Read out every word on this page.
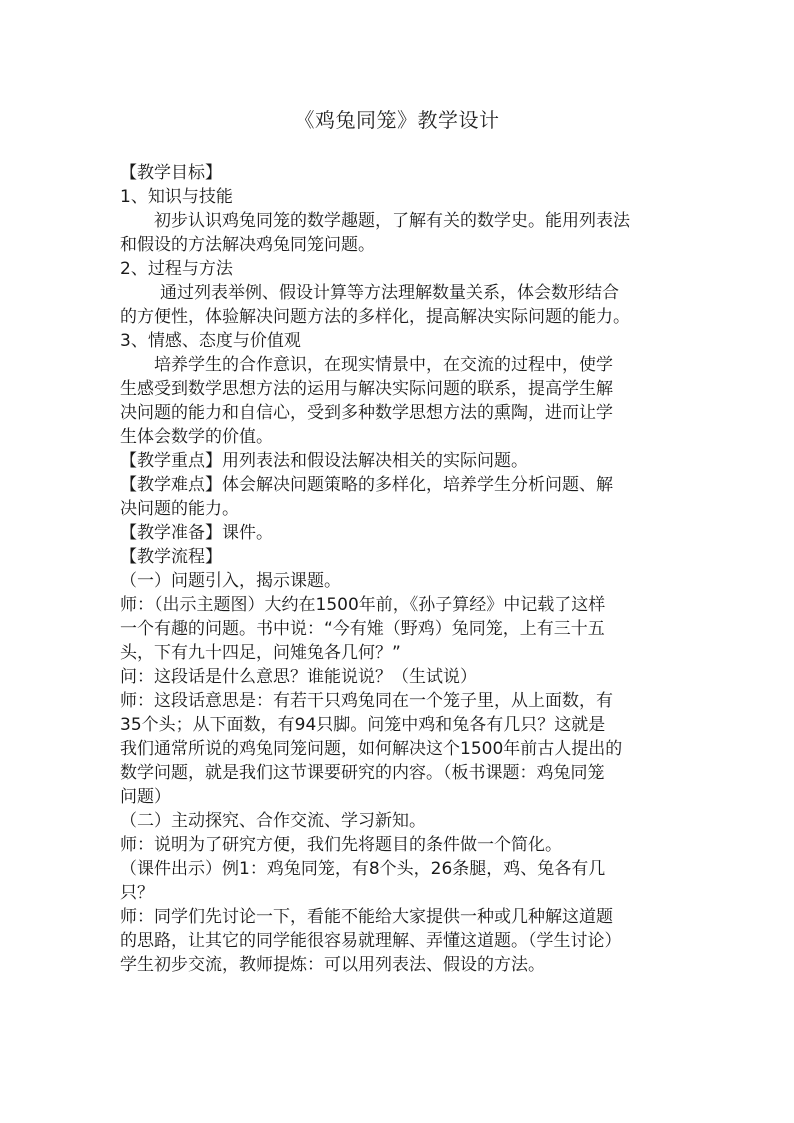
《鸡兔同笼》教学设计
【教学目标】
1、知识与技能
初步认识鸡兔同笼的数学趣题，了解有关的数学史。能用列表法
和假设的方法解决鸡兔同笼问题。
2、过程与方法
通过列表举例、假设计算等方法理解数量关系，体会数形结合
的方便性，体验解决问题方法的多样化，提高解决实际问题的能力。
3、情感、态度与价值观
培养学生的合作意识，在现实情景中，在交流的过程中，使学
生感受到数学思想方法的运用与解决实际问题的联系，提高学生解
决问题的能力和自信心，受到多种数学思想方法的熏陶，进而让学
生体会数学的价值。
【教学重点】用列表法和假设法解决相关的实际问题。
【教学难点】体会解决问题策略的多样化，培养学生分析问题、解
决问题的能力。
【教学准备】课件。
【教学流程】
（一）问题引入，揭示课题。
师：（出示主题图）大约在1500年前，《孙子算经》中记载了这样
一个有趣的问题。书中说：“今有雉（野鸡）兔同笼，上有三十五
头，下有九十四足，问雉兔各几何？”
问：这段话是什么意思？谁能说说？（生试说）
师：这段话意思是：有若干只鸡兔同在一个笼子里，从上面数，有
35个头；从下面数，有94只脚。问笼中鸡和兔各有几只？这就是
我们通常所说的鸡兔同笼问题，如何解决这个1500年前古人提出的
数学问题，就是我们这节课要研究的内容。（板书课题：鸡兔同笼
问题）
（二）主动探究、合作交流、学习新知。
师：说明为了研究方便，我们先将题目的条件做一个简化。
（课件出示）例1：鸡兔同笼，有8个头，26条腿，鸡、兔各有几
只？
师：同学们先讨论一下，看能不能给大家提供一种或几种解这道题
的思路，让其它的同学能很容易就理解、弄懂这道题。（学生讨论）
学生初步交流，教师提炼：可以用列表法、假设的方法。
